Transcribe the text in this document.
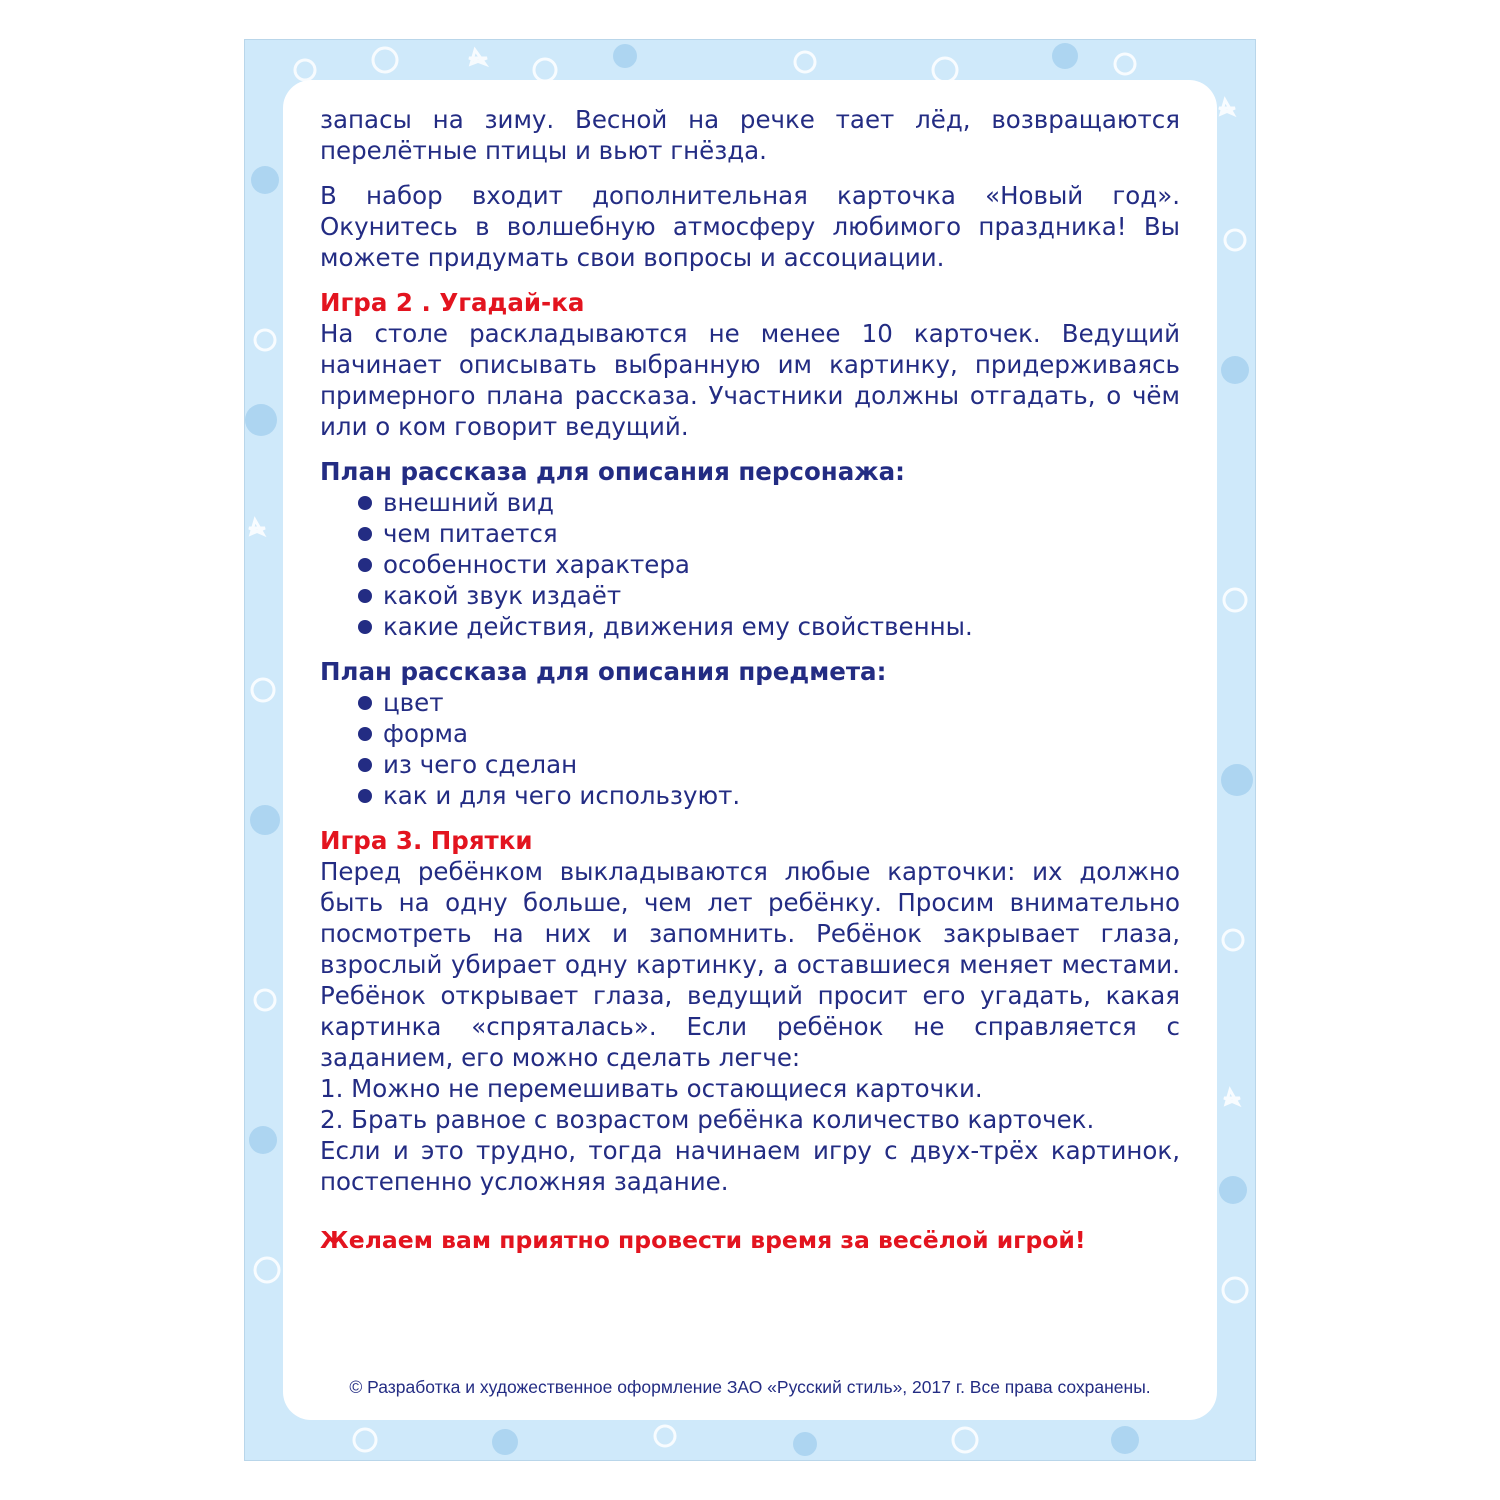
запасы на зиму. Весной на речке тает лёд, возвращаются перелётные птицы и вьют гнёзда.

В набор входит дополнительная карточка «Новый год». Окунитесь в волшебную атмосферу любимого праздника! Вы можете придумать свои вопросы и ассоциации.

Игра 2 . Угадай-ка

На столе раскладываются не менее 10 карточек. Ведущий начинает описывать выбранную им картинку, придерживаясь примерного плана рассказа. Участники должны отгадать, о чём или о ком говорит ведущий.

План рассказа для описания персонажа:

внешний вид
чем питается
особенности характера
какой звук издаёт
какие действия, движения ему свойственны.

План рассказа для описания предмета:

цвет
форма
из чего сделан
как и для чего используют.

Игра 3. Прятки

Перед ребёнком выкладываются любые карточки: их должно быть на одну больше, чем лет ребёнку. Просим внимательно посмотреть на них и запомнить. Ребёнок закрывает глаза, взрослый убирает одну картинку, а оставшиеся меняет местами. Ребёнок открывает глаза, ведущий просит его угадать, какая картинка «спряталась». Если ребёнок не справляется с заданием, его можно сделать легче:

1. Можно не перемешивать остающиеся карточки.

2. Брать равное с возрастом ребёнка количество карточек.

Если и это трудно, тогда начинаем игру с двух-трёх картинок, постепенно усложняя задание.

Желаем вам приятно провести время за весёлой игрой!

© Разработка и художественное оформление ЗАО «Русский стиль», 2017 г. Все права сохранены.
